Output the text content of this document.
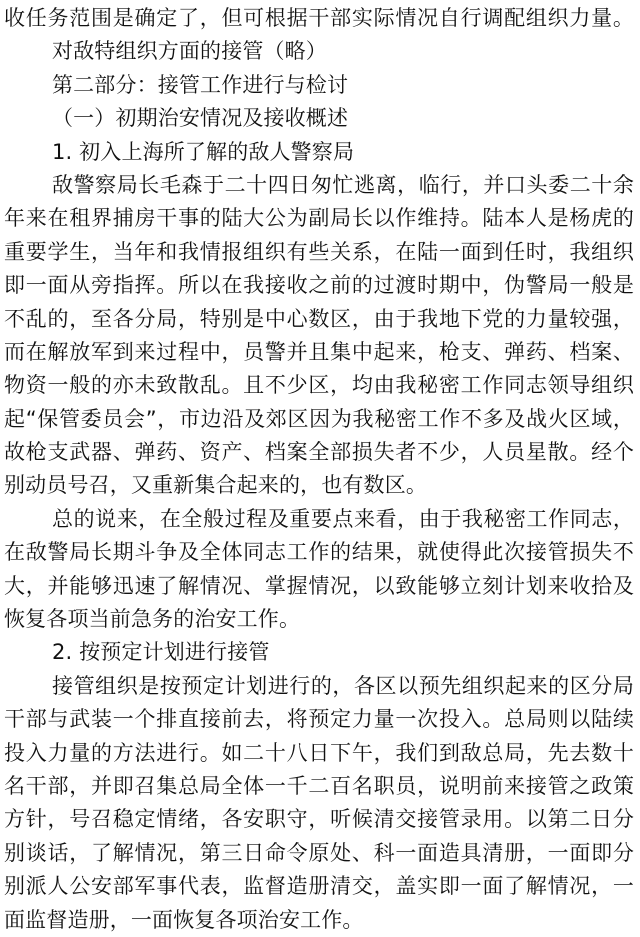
收任务范围是确定了，但可根据干部实际情况自行调配组织力量。
对敌特组织方面的接管（略）
第二部分：接管工作进行与检讨
（一）初期治安情况及接收概述
1. 初入上海所了解的敌人警察局
敌警察局长毛森于二十四日匆忙逃离，临行，并口头委二十余
年来在租界捕房干事的陆大公为副局长以作维持。陆本人是杨虎的
重要学生，当年和我情报组织有些关系，在陆一面到任时，我组织
即一面从旁指挥。所以在我接收之前的过渡时期中，伪警局一般是
不乱的，至各分局，特别是中心数区，由于我地下党的力量较强，
而在解放军到来过程中，员警并且集中起来，枪支、弹药、档案、
物资一般的亦未致散乱。且不少区，均由我秘密工作同志领导组织
起“保管委员会”，市边沿及郊区因为我秘密工作不多及战火区域，
故枪支武器、弹药、资产、档案全部损失者不少，人员星散。经个
别动员号召，又重新集合起来的，也有数区。
总的说来，在全般过程及重要点来看，由于我秘密工作同志，
在敌警局长期斗争及全体同志工作的结果，就使得此次接管损失不
大，并能够迅速了解情况、掌握情况，以致能够立刻计划来收拾及
恢复各项当前急务的治安工作。
2. 按预定计划进行接管
接管组织是按预定计划进行的，各区以预先组织起来的区分局
干部与武装一个排直接前去，将预定力量一次投入。总局则以陆续
投入力量的方法进行。如二十八日下午，我们到敌总局，先去数十
名干部，并即召集总局全体一千二百名职员，说明前来接管之政策
方针，号召稳定情绪，各安职守，听候清交接管录用。以第二日分
别谈话，了解情况，第三日命令原处、科一面造具清册，一面即分
别派人公安部军事代表，监督造册清交，盖实即一面了解情况，一
面监督造册，一面恢复各项治安工作。
